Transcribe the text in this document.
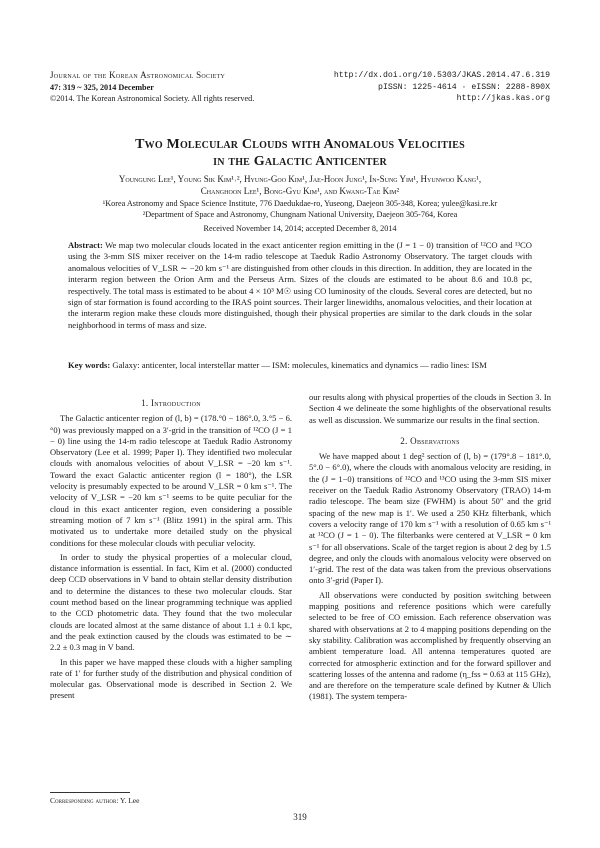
Journal of the Korean Astronomical Society
47: 319 ~ 325, 2014 December
©2014. The Korean Astronomical Society. All rights reserved.
http://dx.doi.org/10.5303/JKAS.2014.47.6.319
pISSN: 1225-4614 · eISSN: 2288-890X
http://jkas.kas.org
Two Molecular Clouds with Anomalous Velocities
in the Galactic Anticenter
Youngung Lee¹, Young Sik Kim¹˒², Hyung-Goo Kim¹, Jae-Hoon Jung¹, In-Sung Yim¹, Hyunwoo Kang¹,
Changhoon Lee¹, Bong-Gyu Kim¹, and Kwang-Tae Kim²
¹Korea Astronomy and Space Science Institute, 776 Daedukdae-ro, Yuseong, Daejeon 305-348, Korea; yulee@kasi.re.kr
²Department of Space and Astronomy, Chungnam National University, Daejeon 305-764, Korea
Received November 14, 2014; accepted December 8, 2014
Abstract: We map two molecular clouds located in the exact anticenter region emitting in the (J = 1 − 0) transition of ¹²CO and ¹³CO using the 3-mm SIS mixer receiver on the 14-m radio telescope at Taeduk Radio Astronomy Observatory. The target clouds with anomalous velocities of V_LSR ∼ −20 km s⁻¹ are distinguished from other clouds in this direction. In addition, they are located in the interarm region between the Orion Arm and the Perseus Arm. Sizes of the clouds are estimated to be about 8.6 and 10.8 pc, respectively. The total mass is estimated to be about 4 × 10³ M☉ using CO luminosity of the clouds. Several cores are detected, but no sign of star formation is found according to the IRAS point sources. Their larger linewidths, anomalous velocities, and their location at the interarm region make these clouds more distinguished, though their physical properties are similar to the dark clouds in the solar neighborhood in terms of mass and size.
Key words: Galaxy: anticenter, local interstellar matter — ISM: molecules, kinematics and dynamics — radio lines: ISM
1. Introduction

The Galactic anticenter region of (l, b) = (178.°0 − 186°.0, 3.°5 − 6.°0) was previously mapped on a 3′-grid in the transition of ¹²CO (J = 1 − 0) line using the 14-m radio telescope at Taeduk Radio Astronomy Observatory (Lee et al. 1999; Paper I). They identified two molecular clouds with anomalous velocities of about V_LSR = −20 km s⁻¹. Toward the exact Galactic anticenter region (l = 180°), the LSR velocity is presumably expected to be around V_LSR = 0 km s⁻¹. The velocity of V_LSR = −20 km s⁻¹ seems to be quite peculiar for the cloud in this exact anticenter region, even considering a possible streaming motion of 7 km s⁻¹ (Blitz 1991) in the spiral arm. This motivated us to undertake more detailed study on the physical conditions for these molecular clouds with peculiar velocity.

In order to study the physical properties of a molecular cloud, distance information is essential. In fact, Kim et al. (2000) conducted deep CCD observations in V band to obtain stellar density distribution and to determine the distances to these two molecular clouds. Star count method based on the linear programming technique was applied to the CCD photometric data. They found that the two molecular clouds are located almost at the same distance of about 1.1 ± 0.1 kpc, and the peak extinction caused by the clouds was estimated to be ∼ 2.2 ± 0.3 mag in V band.

In this paper we have mapped these clouds with a higher sampling rate of 1′ for further study of the distribution and physical condition of molecular gas. Observational mode is described in Section 2. We present

our results along with physical properties of the clouds in Section 3. In Section 4 we delineate the some highlights of the observational results as well as discussion. We summarize our results in the final section.

2. Observations

We have mapped about 1 deg² section of (l, b) = (179°.8 − 181°.0, 5°.0 − 6°.0), where the clouds with anomalous velocity are residing, in the (J = 1−0) transitions of ¹²CO and ¹³CO using the 3-mm SIS mixer receiver on the Taeduk Radio Astronomy Observatory (TRAO) 14-m radio telescope. The beam size (FWHM) is about 50″ and the grid spacing of the new map is 1′. We used a 250 KHz filterbank, which covers a velocity range of 170 km s⁻¹ with a resolution of 0.65 km s⁻¹ at ¹²CO (J = 1 − 0). The filterbanks were centered at V_LSR = 0 km s⁻¹ for all observations. Scale of the target region is about 2 deg by 1.5 degree, and only the clouds with anomalous velocity were observed on 1′-grid. The rest of the data was taken from the previous observations onto 3′-grid (Paper I).

All observations were conducted by position switching between mapping positions and reference positions which were carefully selected to be free of CO emission. Each reference observation was shared with observations at 2 to 4 mapping positions depending on the sky stability. Calibration was accomplished by frequently observing an ambient temperature load. All antenna temperatures quoted are corrected for atmospheric extinction and for the forward spillover and scattering losses of the antenna and radome (η_fss = 0.63 at 115 GHz), and are therefore on the temperature scale defined by Kutner & Ulich (1981). The system tempera-

Corresponding author: Y. Lee
319
